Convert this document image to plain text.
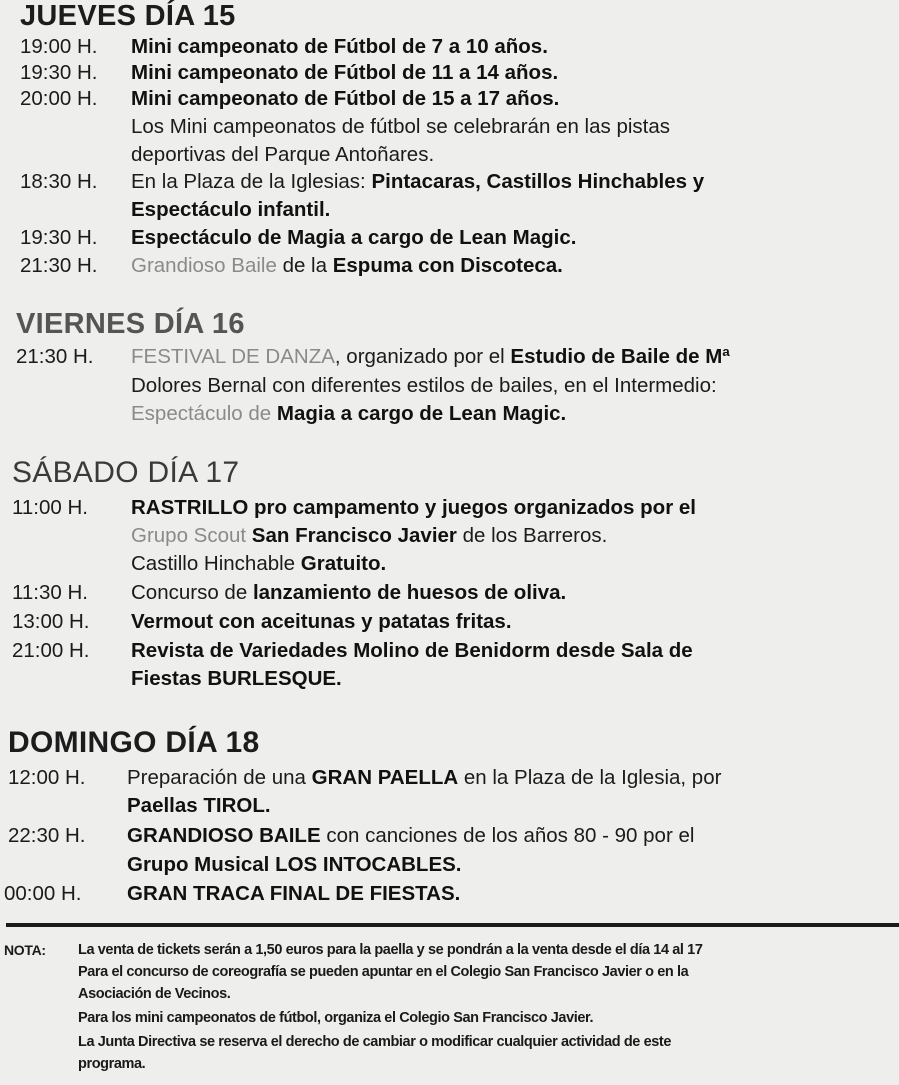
JUEVES DÍA 15
19:00 H. Mini campeonato de Fútbol de 7 a 10 años.
19:30 H. Mini campeonato de Fútbol de 11 a 14 años.
20:00 H. Mini campeonato de Fútbol de 15 a 17 años.
Los Mini campeonatos de fútbol se celebrarán en las pistas
deportivas del Parque Antoñares.
18:30 H. En la Plaza de la Iglesias: Pintacaras, Castillos Hinchables y
Espectáculo infantil.
19:30 H. Espectáculo de Magia a cargo de Lean Magic.
21:30 H. Grandioso Baile de la Espuma con Discoteca.
VIERNES DÍA 16
21:30 H. FESTIVAL DE DANZA, organizado por el Estudio de Baile de Mª
Dolores Bernal con diferentes estilos de bailes, en el Intermedio:
Espectáculo de Magia a cargo de Lean Magic.
SÁBADO DÍA 17
11:00 H. RASTRILLO pro campamento y juegos organizados por el
Grupo Scout San Francisco Javier de los Barreros.
Castillo Hinchable Gratuito.
11:30 H. Concurso de lanzamiento de huesos de oliva.
13:00 H. Vermout con aceitunas y patatas fritas.
21:00 H. Revista de Variedades Molino de Benidorm desde Sala de
Fiestas BURLESQUE.
DOMINGO DÍA 18
12:00 H. Preparación de una GRAN PAELLA en la Plaza de la Iglesia, por
Paellas TIROL.
22:30 H. GRANDIOSO BAILE con canciones de los años 80 - 90 por el
Grupo Musical LOS INTOCABLES.
00:00 H. GRAN TRACA FINAL DE FIESTAS.
NOTA: La venta de tickets serán a 1,50 euros para la paella y se pondrán a la venta desde el día 14 al 17
Para el concurso de coreografía se pueden apuntar en el Colegio San Francisco Javier o en la
Asociación de Vecinos.
Para los mini campeonatos de fútbol, organiza el Colegio San Francisco Javier.
La Junta Directiva se reserva el derecho de cambiar o modificar cualquier actividad de este
programa.
